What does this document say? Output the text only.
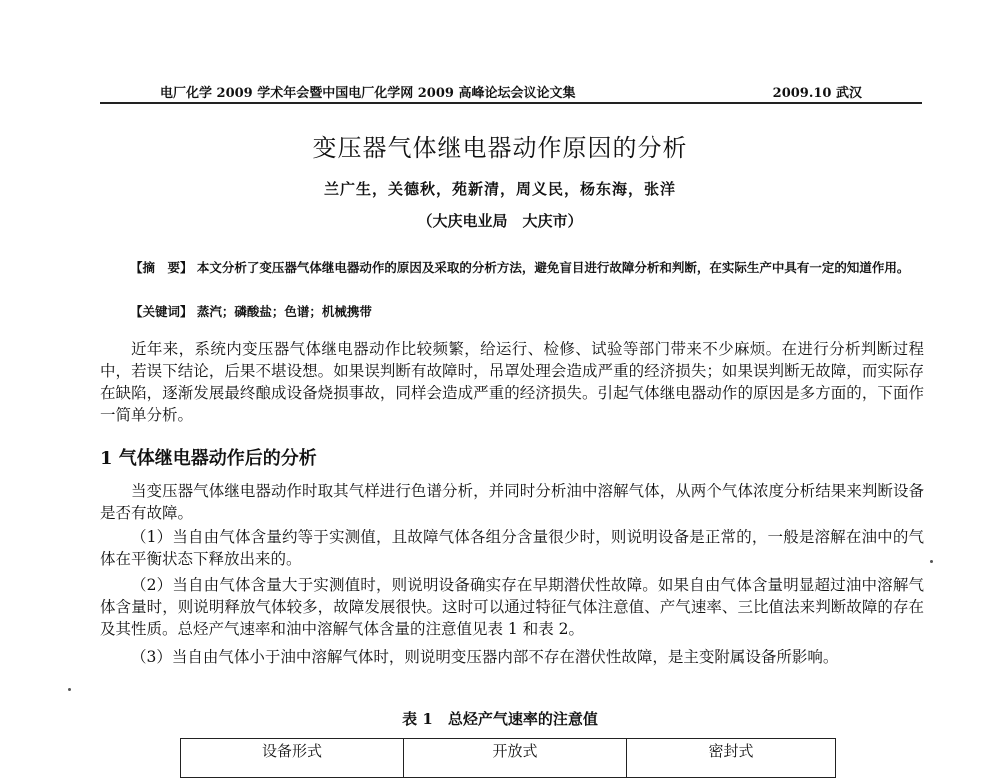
电厂化学 2009 学术年会暨中国电厂化学网 2009 高峰论坛会议论文集	2009.10 武汉
变压器气体继电器动作原因的分析
兰广生，关德秋，苑新清，周义民，杨东海，张洋
（大庆电业局　大庆市）
【摘　要】 本文分析了变压器气体继电器动作的原因及采取的分析方法，避免盲目进行故障分析和判断，在实际生产中具有一定的知道作用。
【关键词】 蒸汽；磷酸盐；色谱；机械携带
近年来，系统内变压器气体继电器动作比较频繁，给运行、检修、试验等部门带来不少麻烦。在进行分析判断过程中，若误下结论，后果不堪设想。如果误判断有故障时，吊罩处理会造成严重的经济损失；如果误判断无故障，而实际存在缺陷，逐渐发展最终酿成设备烧损事故，同样会造成严重的经济损失。引起气体继电器动作的原因是多方面的，下面作一简单分析。
1 气体继电器动作后的分析
当变压器气体继电器动作时取其气样进行色谱分析，并同时分析油中溶解气体，从两个气体浓度分析结果来判断设备是否有故障。
（1）当自由气体含量约等于实测值，且故障气体各组分含量很少时，则说明设备是正常的，一般是溶解在油中的气体在平衡状态下释放出来的。
（2）当自由气体含量大于实测值时，则说明设备确实存在早期潜伏性故障。如果自由气体含量明显超过油中溶解气体含量时，则说明释放气体较多，故障发展很快。这时可以通过特征气体注意值、产气速率、三比值法来判断故障的存在及其性质。总烃产气速率和油中溶解气体含量的注意值见表 1 和表 2。
（3）当自由气体小于油中溶解气体时，则说明变压器内部不存在潜伏性故障，是主变附属设备所影响。
表 1　总烃产气速率的注意值
设备形式	开放式	密封式
